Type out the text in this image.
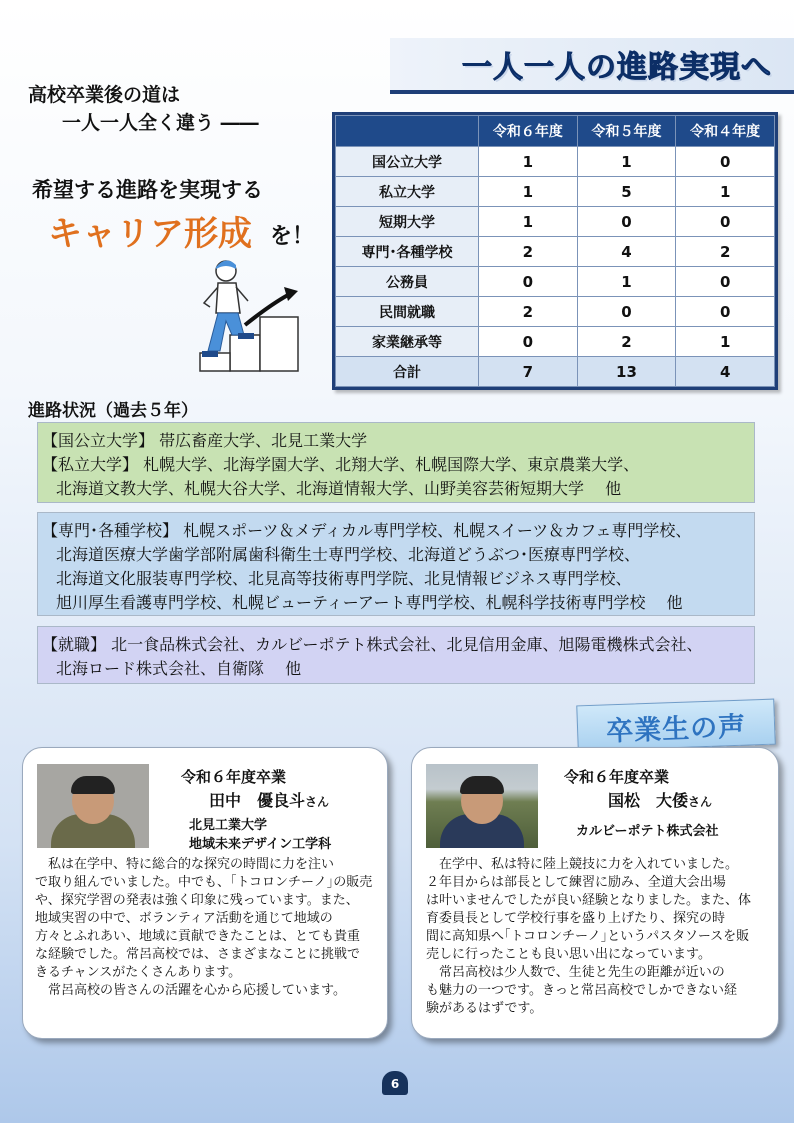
一人一人の進路実現へ
高校卒業後の道は
一人一人全く違う ――
希望する進路を実現する
キャリア形成 を！
	令和６年度	令和５年度	令和４年度
国公立大学	1	1	0
私立大学	1	5	1
短期大学	1	0	0
専門･各種学校	2	4	2
公務員	0	1	0
民間就職	2	0	0
家業継承等	0	2	1
合計	7	13	4
進路状況（過去５年）

【国公立大学】 帯広畜産大学、北見工業大学

【私立大学】 札幌大学、北海学園大学、北翔大学、札幌国際大学、東京農業大学、

北海道文教大学、札幌大谷大学、北海道情報大学、山野美容芸術短期大学　 他

【専門･各種学校】 札幌スポーツ＆メディカル専門学校、札幌スイーツ＆カフェ専門学校、

北海道医療大学歯学部附属歯科衛生士専門学校、北海道どうぶつ･医療専門学校、

北海道文化服装専門学校、北見高等技術専門学院、北見情報ビジネス専門学校、

旭川厚生看護専門学校、札幌ビューティーアート専門学校、札幌科学技術専門学校　 他

【就職】 北一食品株式会社、カルビーポテト株式会社、北見信用金庫、旭陽電機株式会社、

北海ロード株式会社、自衛隊　 他

卒業生の声
令和６年度卒業
田中　優良斗さん
北見工業大学
地域未来デザイン工学科

　私は在学中、特に総合的な探究の時間に力を注い

で取り組んでいました。中でも、｢トコロンチーノ｣の販売

や、探究学習の発表は強く印象に残っています。また、

地域実習の中で、ボランティア活動を通じて地域の

方々とふれあい、地域に貢献できたことは、とても貴重

な経験でした。常呂高校では、さまざまなことに挑戦で

きるチャンスがたくさんあります。

　常呂高校の皆さんの活躍を心から応援しています。

令和６年度卒業
国松　大倭さん
カルビーポテト株式会社

　在学中、私は特に陸上競技に力を入れていました。

２年目からは部長として練習に励み、全道大会出場

は叶いませんでしたが良い経験となりました。また、体

育委員長として学校行事を盛り上げたり、探究の時

間に高知県へ｢トコロンチーノ｣というパスタソースを販

売しに行ったことも良い思い出になっています。

　常呂高校は少人数で、生徒と先生の距離が近いの

も魅力の一つです。きっと常呂高校でしかできない経

験があるはずです。

6
